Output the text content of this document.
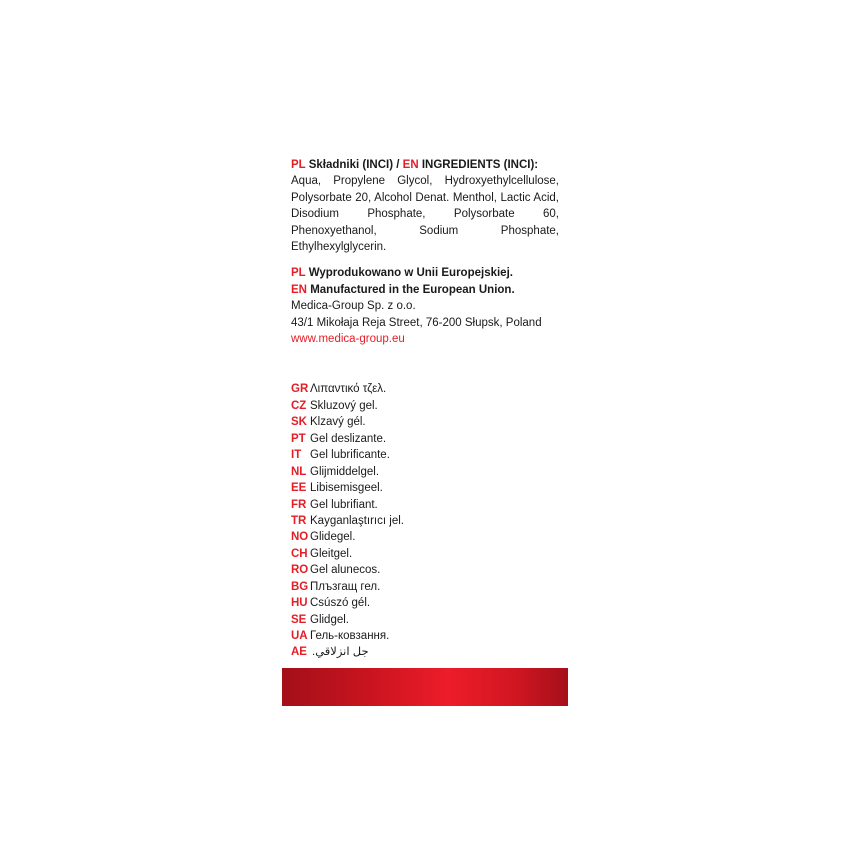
PL Składniki (INCI) / EN INGREDIENTS (INCI):
Aqua, Propylene Glycol, Hydroxyethylcellulose, Polysorbate 20, Alcohol Denat. Menthol, Lactic Acid, Disodium Phosphate, Polysorbate 60, Phenoxyethanol, Sodium Phosphate, Ethylhexylglycerin.
PL Wyprodukowano w Unii Europejskiej.
EN Manufactured in the European Union.
Medica-Group Sp. z o.o.
43/1 Mikołaja Reja Street, 76-200 Słupsk, Poland
www.medica-group.eu
GR Λιπαντικό τζελ.
CZ Skluzový gel.
SK Klzavý gél.
PT Gel deslizante.
IT Gel lubrificante.
NL Glijmiddelgel.
EE Libisemisgeel.
FR Gel lubrifiant.
TR Kayganlaştırıcı jel.
NO Glidegel.
CH Gleitgel.
RO Gel alunecos.
BG Плъзгащ гел.
HU Csúszó gél.
SE Glidgel.
UA Гель-ковзання.
AE جل انزلاقي.
